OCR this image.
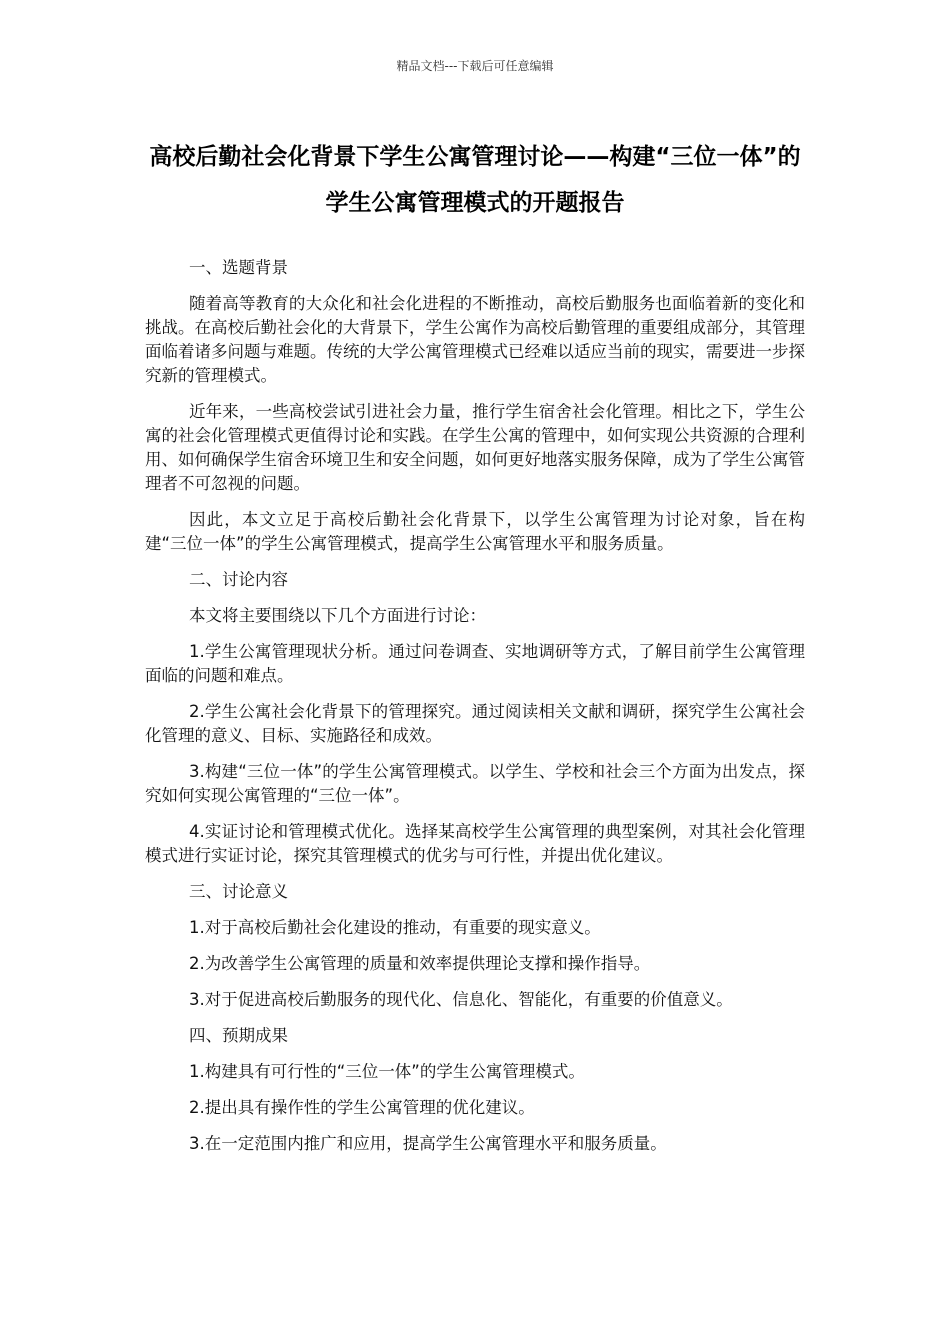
精品文档---下载后可任意编辑
高校后勤社会化背景下学生公寓管理讨论——构建“三位一体”的学生公寓管理模式的开题报告

一、选题背景

随着高等教育的大众化和社会化进程的不断推动，高校后勤服务也面临着新的变化和挑战。在高校后勤社会化的大背景下，学生公寓作为高校后勤管理的重要组成部分，其管理面临着诸多问题与难题。传统的大学公寓管理模式已经难以适应当前的现实，需要进一步探究新的管理模式。

近年来，一些高校尝试引进社会力量，推行学生宿舍社会化管理。相比之下，学生公寓的社会化管理模式更值得讨论和实践。在学生公寓的管理中，如何实现公共资源的合理利用、如何确保学生宿舍环境卫生和安全问题，如何更好地落实服务保障，成为了学生公寓管理者不可忽视的问题。

因此，本文立足于高校后勤社会化背景下，以学生公寓管理为讨论对象，旨在构建“三位一体”的学生公寓管理模式，提高学生公寓管理水平和服务质量。

二、讨论内容

本文将主要围绕以下几个方面进行讨论：

1.学生公寓管理现状分析。通过问卷调查、实地调研等方式，了解目前学生公寓管理面临的问题和难点。

2.学生公寓社会化背景下的管理探究。通过阅读相关文献和调研，探究学生公寓社会化管理的意义、目标、实施路径和成效。

3.构建“三位一体”的学生公寓管理模式。以学生、学校和社会三个方面为出发点，探究如何实现公寓管理的“三位一体”。

4.实证讨论和管理模式优化。选择某高校学生公寓管理的典型案例，对其社会化管理模式进行实证讨论，探究其管理模式的优劣与可行性，并提出优化建议。

三、讨论意义

1.对于高校后勤社会化建设的推动，有重要的现实意义。

2.为改善学生公寓管理的质量和效率提供理论支撑和操作指导。

3.对于促进高校后勤服务的现代化、信息化、智能化，有重要的价值意义。

四、预期成果

1.构建具有可行性的“三位一体”的学生公寓管理模式。

2.提出具有操作性的学生公寓管理的优化建议。

3.在一定范围内推广和应用，提高学生公寓管理水平和服务质量。
